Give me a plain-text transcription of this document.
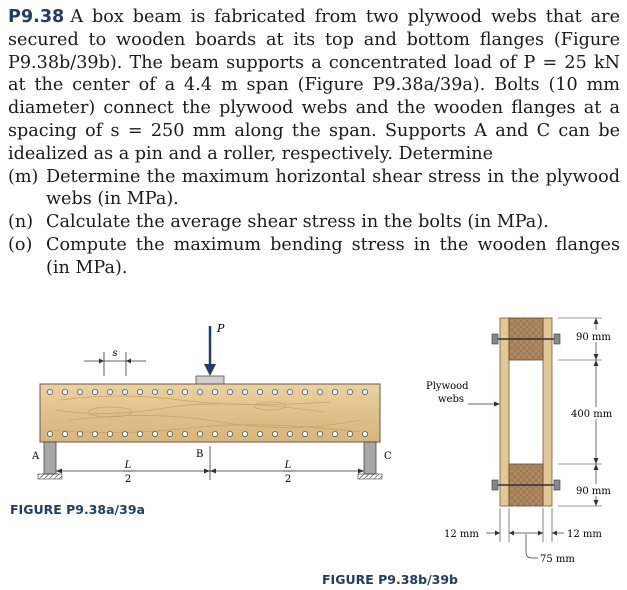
P9.38 A box beam is fabricated from two plywood webs that are secured to wooden boards at its top and bottom flanges (Figure P9.38b/39b). The beam supports a concentrated load of P = 25 kN at the center of a 4.4 m span (Figure P9.38a/39a). Bolts (10 mm diameter) connect the plywood webs and the wooden flanges at a spacing of s = 250 mm along the span. Supports A and C can be idealized as a pin and a roller, respectively. Determine

(m) Determine the maximum horizontal shear stress in the plywood webs (in MPa).
(n) Calculate the average shear stress in the bolts (in MPa).
(o) Compute the maximum bending stress in the wooden flanges (in MPa).
s
P
A	C
B
L
2
L
2
FIGURE P9.38a/39a
Plywood
webs
90 mm
400 mm
90 mm
12 mm	12 mm
75 mm
FIGURE P9.38b/39b
